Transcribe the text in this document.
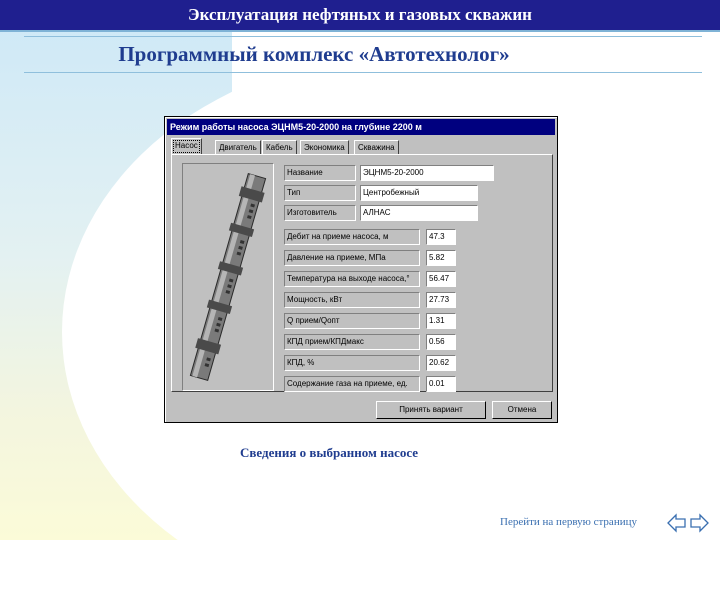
Эксплуатация нефтяных и газовых скважин
Программный комплекс «Автотехнолог»
Режим работы насоса ЭЦНМ5-20-2000 на глубине 2200 м
Насос	Двигатель	Кабель	Экономика	Скважина
Название	ЭЦНМ5-20-2000
Тип	Центробежный
Изготовитель	АЛНАС
Дебит на приеме насоса, м	47.3
Давление на приеме, МПа	5.82
Температура на выходе насоса,°	56.47
Мощность, кВт	27.73
Q прием/Qопт	1.31
КПД прием/КПДмакс	0.56
КПД, %	20.62
Содержание газа на приеме, ед.	0.01
Принять вариант	Отмена
Сведения о выбранном насосе
Перейти на первую страницу
